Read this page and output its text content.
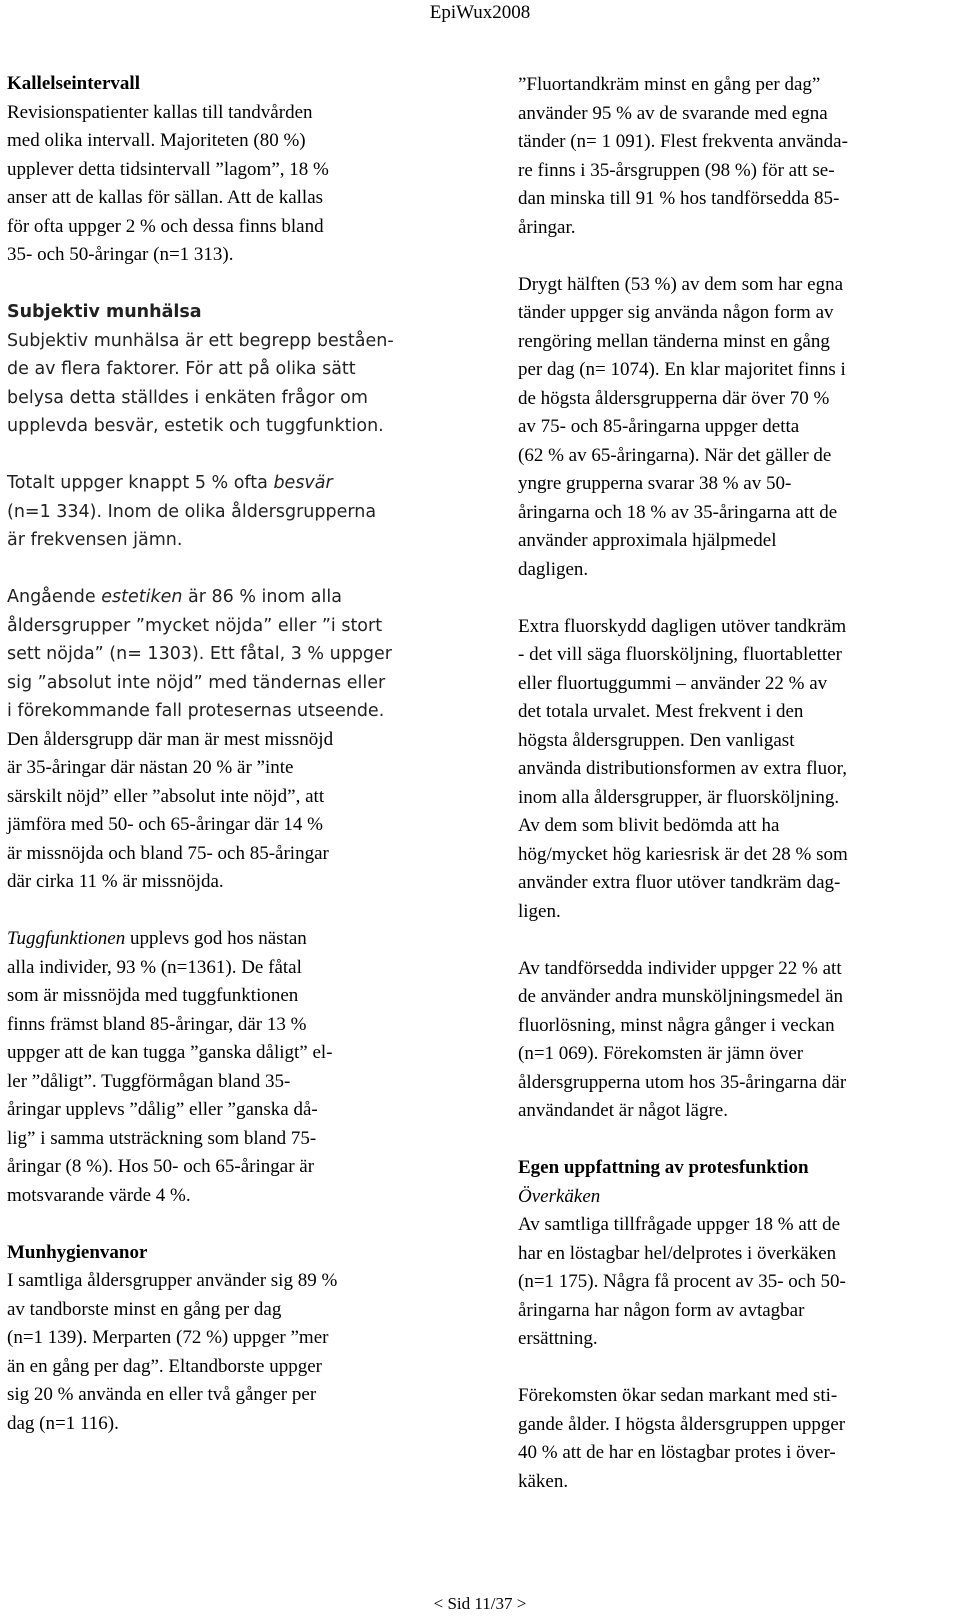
EpiWux2008
Kallelseintervall

Revisionspatienter kallas till tandvården

med olika intervall. Majoriteten (80 %)

upplever detta tidsintervall ”lagom”, 18 %

anser att de kallas för sällan. Att de kallas

för ofta uppger 2 % och dessa finns bland

35- och 50-åringar (n=1 313).

Subjektiv munhälsa

Subjektiv munhälsa är ett begrepp beståen-

de av flera faktorer. För att på olika sätt

belysa detta ställdes i enkäten frågor om

upplevda besvär, estetik och tuggfunktion.

Totalt uppger knappt 5 % ofta besvär

(n=1 334). Inom de olika åldersgrupperna

är frekvensen jämn.

Angående estetiken är 86 % inom alla

åldersgrupper ”mycket nöjda” eller ”i stort

sett nöjda” (n= 1303). Ett fåtal, 3 % uppger

sig ”absolut inte nöjd” med tändernas eller

i förekommande fall protesernas utseende.

Den åldersgrupp där man är mest missnöjd

är 35-åringar där nästan 20 % är ”inte

särskilt nöjd” eller ”absolut inte nöjd”, att

jämföra med 50- och 65-åringar där 14 %

är missnöjda och bland 75- och 85-åringar

där cirka 11 % är missnöjda.

Tuggfunktionen upplevs god hos nästan

alla individer, 93 % (n=1361). De fåtal

som är missnöjda med tuggfunktionen

finns främst bland 85-åringar, där 13 %

uppger att de kan tugga ”ganska dåligt” el-

ler ”dåligt”. Tuggförmågan bland 35-

åringar upplevs ”dålig” eller ”ganska då-

lig” i samma utsträckning som bland 75-

åringar (8 %). Hos 50- och 65-åringar är

motsvarande värde 4 %.

Munhygienvanor

I samtliga åldersgrupper använder sig 89 %

av tandborste minst en gång per dag

(n=1 139). Merparten (72 %) uppger ”mer

än en gång per dag”. Eltandborste uppger

sig 20 % använda en eller två gånger per

dag (n=1 116).

”Fluortandkräm minst en gång per dag”

använder 95 % av de svarande med egna

tänder (n= 1 091). Flest frekventa använda-

re finns i 35-årsgruppen (98 %) för att se-

dan minska till 91 % hos tandförsedda 85-

åringar.

Drygt hälften (53 %) av dem som har egna

tänder uppger sig använda någon form av

rengöring mellan tänderna minst en gång

per dag (n= 1074). En klar majoritet finns i

de högsta åldersgrupperna där över 70 %

av 75- och 85-åringarna uppger detta

(62 % av 65-åringarna). När det gäller de

yngre grupperna svarar 38 % av 50-

åringarna och 18 % av 35-åringarna att de

använder approximala hjälpmedel

dagligen.

Extra fluorskydd dagligen utöver tandkräm

- det vill säga fluorsköljning, fluortabletter

eller fluortuggummi – använder 22 % av

det totala urvalet. Mest frekvent i den

högsta åldersgruppen. Den vanligast

använda distributionsformen av extra fluor,

inom alla åldersgrupper, är fluorsköljning.

Av dem som blivit bedömda att ha

hög/mycket hög kariesrisk är det 28 % som

använder extra fluor utöver tandkräm dag-

ligen.

Av tandförsedda individer uppger 22 % att

de använder andra munsköljningsmedel än

fluorlösning, minst några gånger i veckan

(n=1 069). Förekomsten är jämn över

åldersgrupperna utom hos 35-åringarna där

användandet är något lägre.

Egen uppfattning av protesfunktion

Överkäken

Av samtliga tillfrågade uppger 18 % att de

har en löstagbar hel/delprotes i överkäken

(n=1 175). Några få procent av 35- och 50-

åringarna har någon form av avtagbar

ersättning.

Förekomsten ökar sedan markant med sti-

gande ålder. I högsta åldersgruppen uppger

40 % att de har en löstagbar protes i över-

käken.

< Sid 11/37 >
